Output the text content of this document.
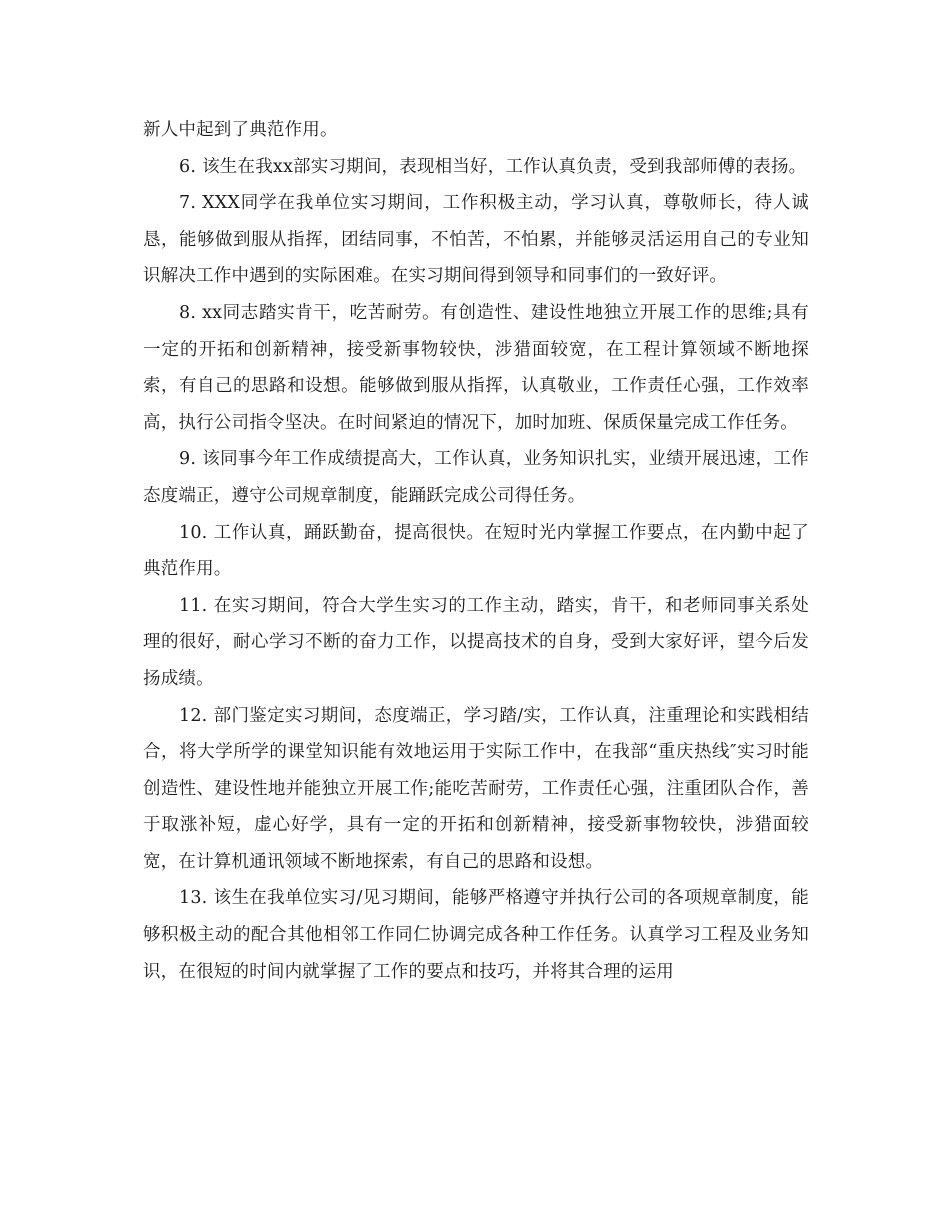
新人中起到了典范作用。

6. 该生在我xx部实习期间，表现相当好，工作认真负责，受到我部师傅的表扬。

7. XXX同学在我单位实习期间，工作积极主动，学习认真，尊敬师长，待人诚恳，能够做到服从指挥，团结同事，不怕苦，不怕累，并能够灵活运用自己的专业知识解决工作中遇到的实际困难。在实习期间得到领导和同事们的一致好评。

8. xx同志踏实肯干，吃苦耐劳。有创造性、建设性地独立开展工作的思维;具有一定的开拓和创新精神，接受新事物较快，涉猎面较宽，在工程计算领域不断地探索，有自己的思路和设想。能够做到服从指挥，认真敬业，工作责任心强，工作效率高，执行公司指令坚决。在时间紧迫的情况下，加时加班、保质保量完成工作任务。

9. 该同事今年工作成绩提高大，工作认真，业务知识扎实，业绩开展迅速，工作态度端正，遵守公司规章制度，能踊跃完成公司得任务。

10. 工作认真，踊跃勤奋，提高很快。在短时光内掌握工作要点，在内勤中起了典范作用。

11. 在实习期间，符合大学生实习的工作主动，踏实，肯干，和老师同事关系处理的很好，耐心学习不断的奋力工作，以提高技术的自身，受到大家好评，望今后发扬成绩。

12. 部门鉴定实习期间，态度端正，学习踏/实，工作认真，注重理论和实践相结合，将大学所学的课堂知识能有效地运用于实际工作中，在我部“重庆热线″实习时能创造性、建设性地并能独立开展工作;能吃苦耐劳，工作责任心强，注重团队合作，善于取涨补短，虚心好学，具有一定的开拓和创新精神，接受新事物较快，涉猎面较宽，在计算机通讯领域不断地探索，有自己的思路和设想。

13. 该生在我单位实习/见习期间，能够严格遵守并执行公司的各项规章制度，能够积极主动的配合其他相邻工作同仁协调完成各种工作任务。认真学习工程及业务知识，在很短的时间内就掌握了工作的要点和技巧，并将其合理的运用
